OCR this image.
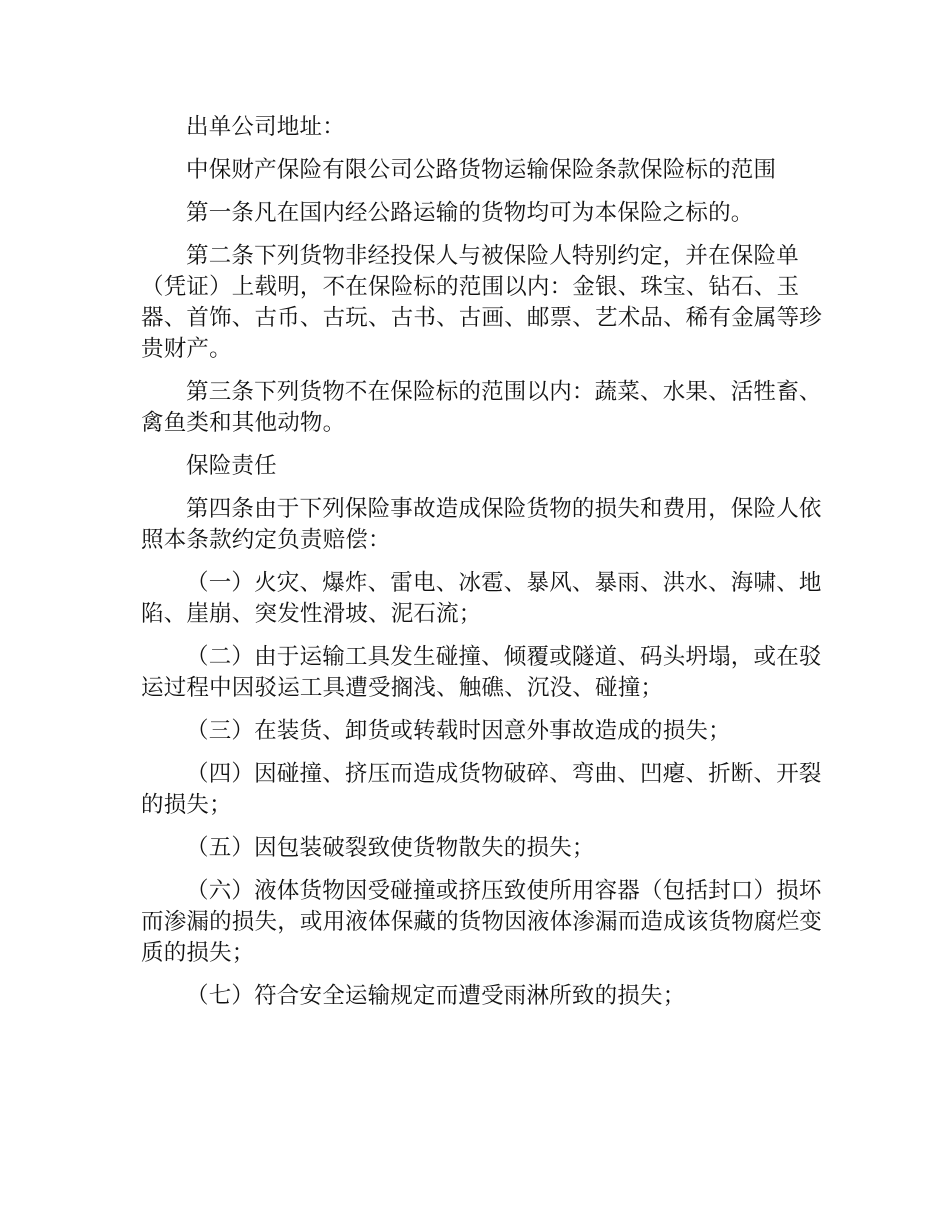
出单公司地址：

中保财产保险有限公司公路货物运输保险条款保险标的范围

第一条凡在国内经公路运输的货物均可为本保险之标的。

第二条下列货物非经投保人与被保险人特别约定，并在保险单（凭证）上载明，不在保险标的范围以内：金银、珠宝、钻石、玉器、首饰、古币、古玩、古书、古画、邮票、艺术品、稀有金属等珍贵财产。

第三条下列货物不在保险标的范围以内：蔬菜、水果、活牲畜、禽鱼类和其他动物。

保险责任

第四条由于下列保险事故造成保险货物的损失和费用，保险人依照本条款约定负责赔偿：

（一）火灾、爆炸、雷电、冰雹、暴风、暴雨、洪水、海啸、地陷、崖崩、突发性滑坡、泥石流；

（二）由于运输工具发生碰撞、倾覆或隧道、码头坍塌，或在驳运过程中因驳运工具遭受搁浅、触礁、沉没、碰撞；

（三）在装货、卸货或转载时因意外事故造成的损失；

（四）因碰撞、挤压而造成货物破碎、弯曲、凹瘪、折断、开裂的损失；

（五）因包装破裂致使货物散失的损失；

（六）液体货物因受碰撞或挤压致使所用容器（包括封口）损坏而渗漏的损失，或用液体保藏的货物因液体渗漏而造成该货物腐烂变质的损失；

（七）符合安全运输规定而遭受雨淋所致的损失；
